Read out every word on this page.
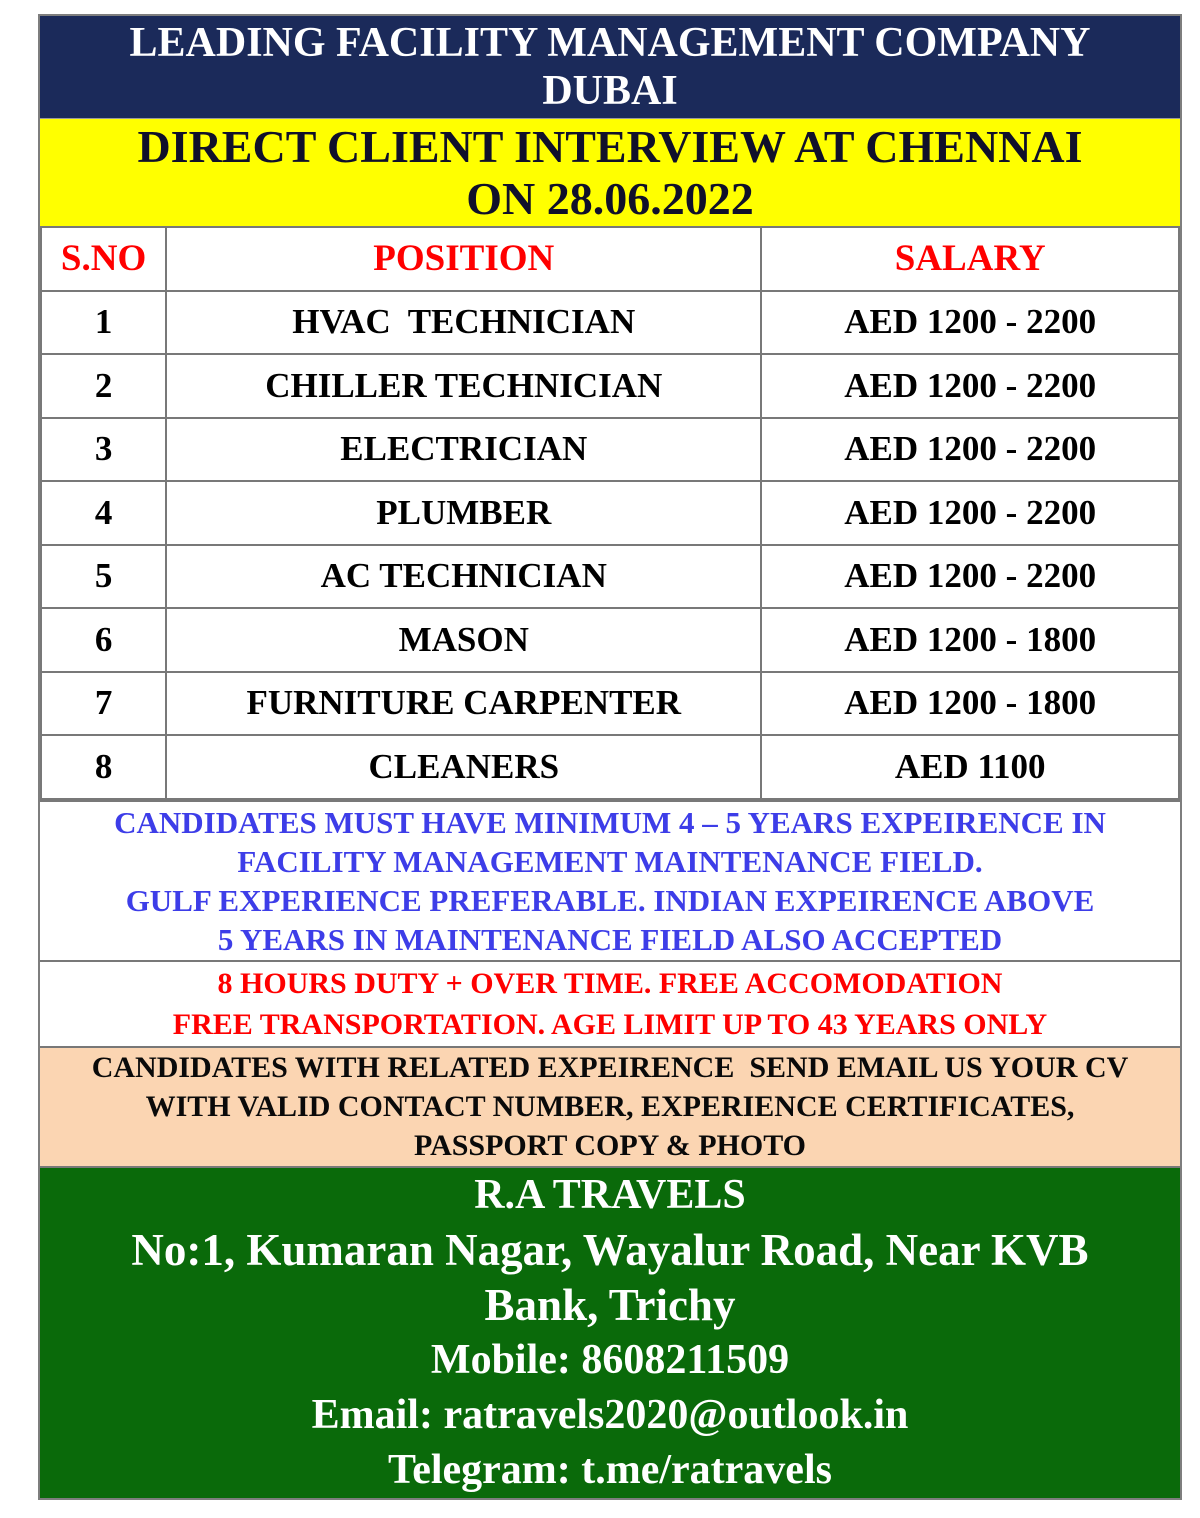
LEADING FACILITY MANAGEMENT COMPANY
DUBAI
DIRECT CLIENT INTERVIEW AT CHENNAI
ON 28.06.2022
S.NO	POSITION	SALARY
1	HVAC  TECHNICIAN	AED 1200 - 2200
2	CHILLER TECHNICIAN	AED 1200 - 2200
3	ELECTRICIAN	AED 1200 - 2200
4	PLUMBER	AED 1200 - 2200
5	AC TECHNICIAN	AED 1200 - 2200
6	MASON	AED 1200 - 1800
7	FURNITURE CARPENTER	AED 1200 - 1800
8	CLEANERS	AED 1100
CANDIDATES MUST HAVE MINIMUM 4 – 5 YEARS EXPEIRENCE IN
FACILITY MANAGEMENT MAINTENANCE FIELD.
GULF EXPERIENCE PREFERABLE. INDIAN EXPEIRENCE ABOVE
5 YEARS IN MAINTENANCE FIELD ALSO ACCEPTED
8 HOURS DUTY + OVER TIME. FREE ACCOMODATION
FREE TRANSPORTATION. AGE LIMIT UP TO 43 YEARS ONLY
CANDIDATES WITH RELATED EXPEIRENCE  SEND EMAIL US YOUR CV
WITH VALID CONTACT NUMBER, EXPERIENCE CERTIFICATES,
PASSPORT COPY & PHOTO
R.A TRAVELS
No:1, Kumaran Nagar, Wayalur Road, Near KVB
Bank, Trichy
Mobile: 8608211509
Email: ratravels2020@outlook.in
Telegram: t.me/ratravels
